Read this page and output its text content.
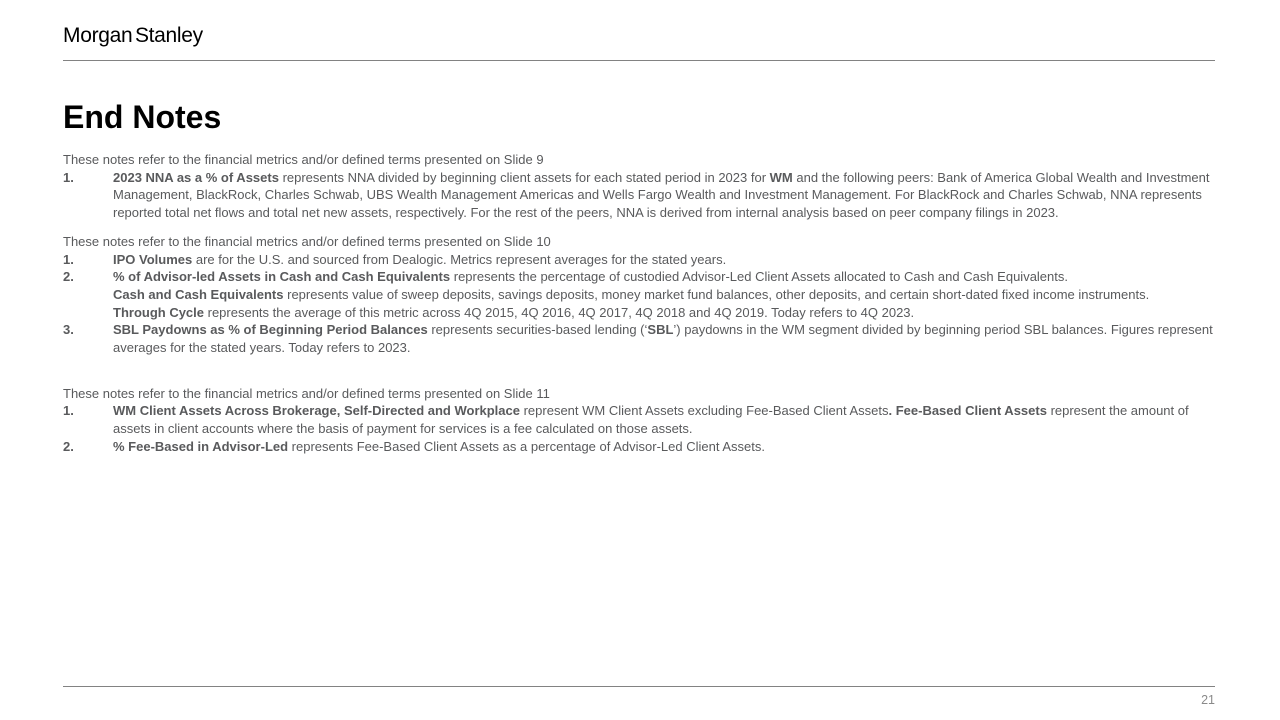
Morgan Stanley
End Notes

These notes refer to the financial metrics and/or defined terms presented on Slide 9

1.	2023 NNA as a % of Assets represents NNA divided by beginning client assets for each stated period in 2023 for WM and the following peers: Bank of America Global Wealth and Investment Management, BlackRock, Charles Schwab, UBS Wealth Management Americas and Wells Fargo Wealth and Investment Management. For BlackRock and Charles Schwab, NNA represents reported total net flows and total net new assets, respectively. For the rest of the peers, NNA is derived from internal analysis based on peer company filings in 2023.

These notes refer to the financial metrics and/or defined terms presented on Slide 10

1.	IPO Volumes are for the U.S. and sourced from Dealogic. Metrics represent averages for the stated years.

2.	% of Advisor-led Assets in Cash and Cash Equivalents represents the percentage of custodied Advisor-Led Client Assets allocated to Cash and Cash Equivalents.

Cash and Cash Equivalents represents value of sweep deposits, savings deposits, money market fund balances, other deposits, and certain short-dated fixed income instruments.

Through Cycle represents the average of this metric across 4Q 2015, 4Q 2016, 4Q 2017, 4Q 2018 and 4Q 2019. Today refers to 4Q 2023.

3.	SBL Paydowns as % of Beginning Period Balances represents securities-based lending (‘SBL’) paydowns in the WM segment divided by beginning period SBL balances. Figures represent averages for the stated years. Today refers to 2023.

These notes refer to the financial metrics and/or defined terms presented on Slide 11

1.	WM Client Assets Across Brokerage, Self-Directed and Workplace represent WM Client Assets excluding Fee-Based Client Assets. Fee-Based Client Assets represent the amount of assets in client accounts where the basis of payment for services is a fee calculated on those assets.

2.	% Fee-Based in Advisor-Led represents Fee-Based Client Assets as a percentage of Advisor-Led Client Assets.

21
